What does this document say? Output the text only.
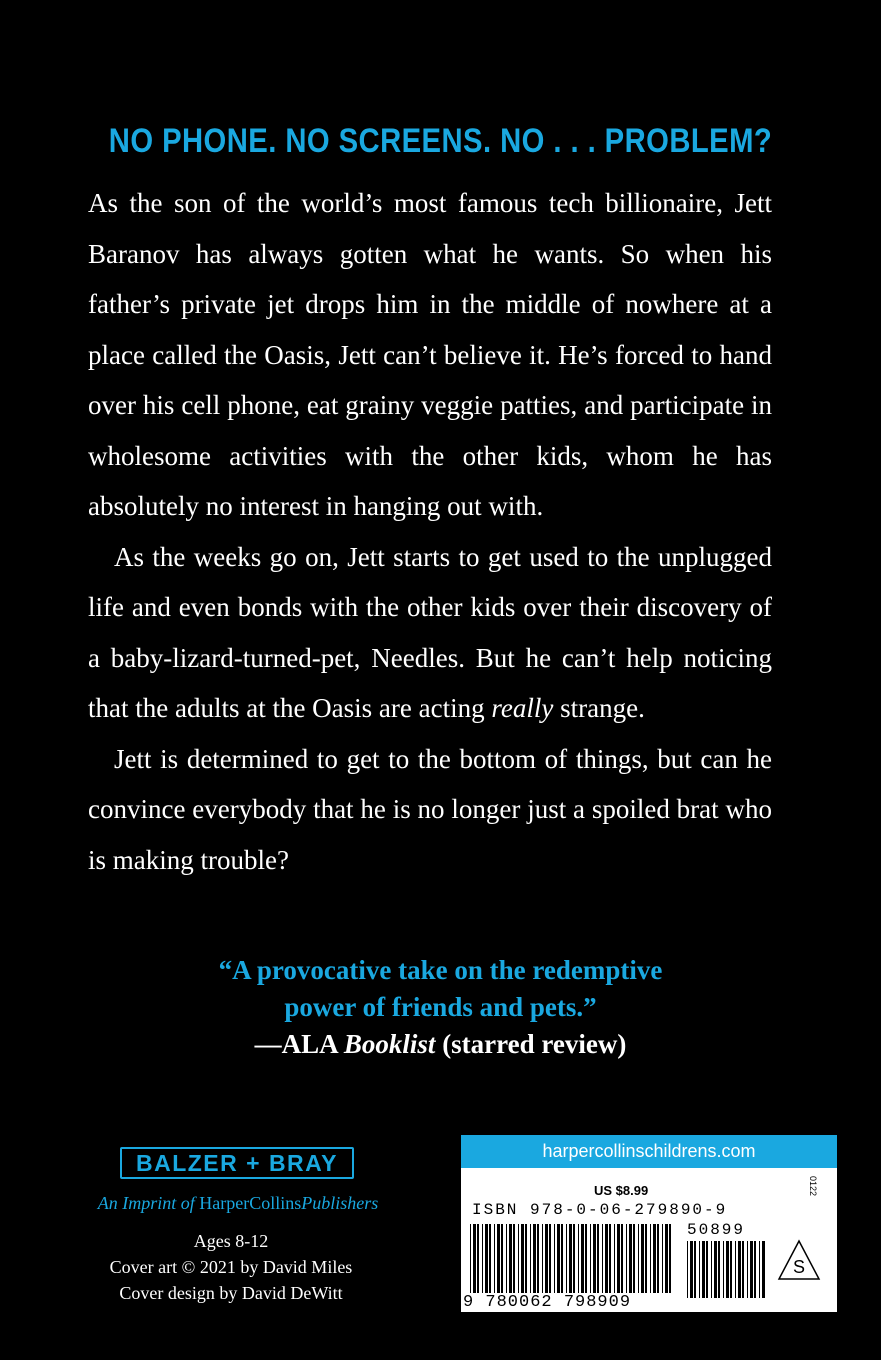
NO PHONE. NO SCREENS. NO . . . PROBLEM?

As the son of the world’s most famous tech billionaire, Jett Baranov has always gotten what he wants. So when his father’s private jet drops him in the middle of nowhere at a place called the Oasis, Jett can’t believe it. He’s forced to hand over his cell phone, eat grainy veggie patties, and participate in wholesome activities with the other kids, whom he has absolutely no interest in hanging out with.

As the weeks go on, Jett starts to get used to the unplugged life and even bonds with the other kids over their discovery of a baby-lizard-turned-pet, Needles. But he can’t help noticing that the adults at the Oasis are acting really strange.

Jett is determined to get to the bottom of things, but can he convince everybody that he is no longer just a spoiled brat who is making trouble?

“A provocative take on the redemptive
power of friends and pets.”
—ALA Booklist (starred review)
BALZER + BRAY
An Imprint of HarperCollinsPublishers
Ages 8-12
Cover art © 2021 by David Miles
Cover design by David DeWitt
harpercollinschildrens.com
US $8.99	0122
ISBN 978-0-06-279890-9
50899
9 780062 798909
S
